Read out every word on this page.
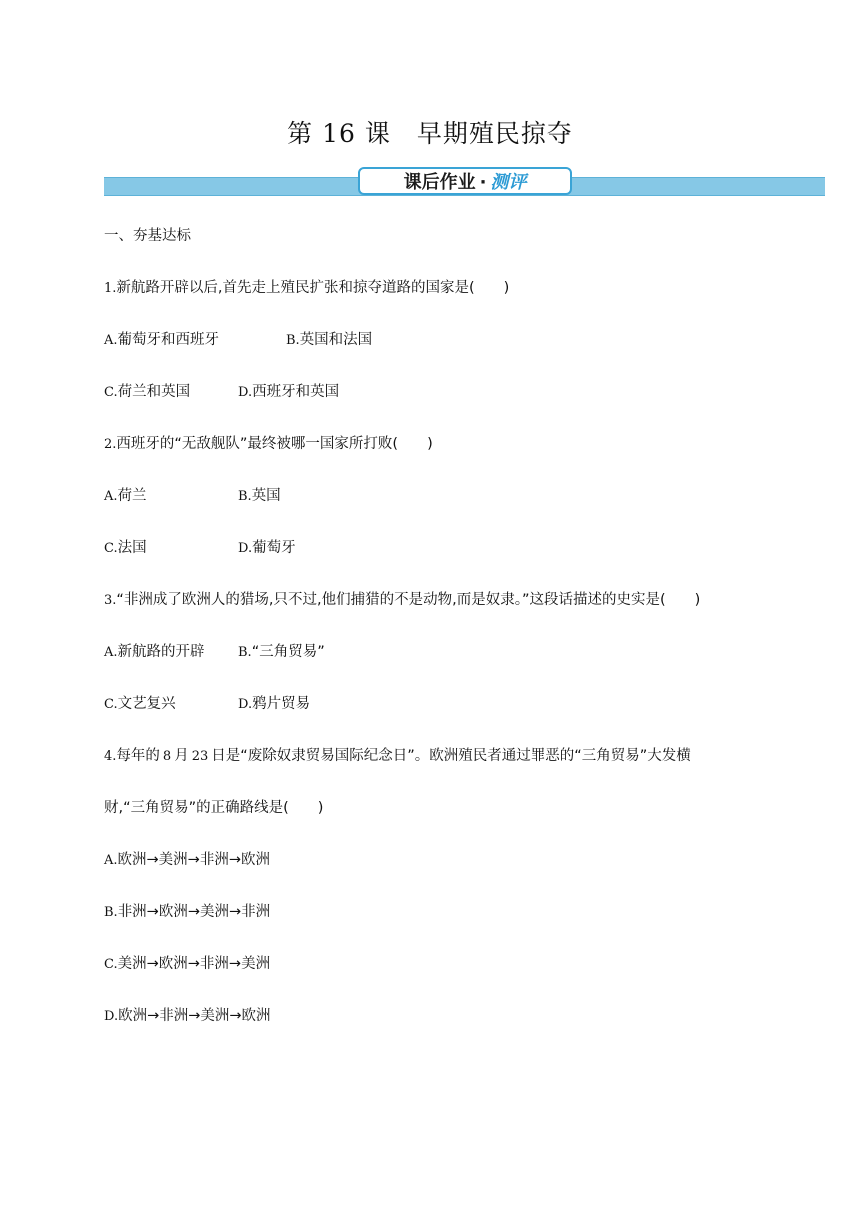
第 16 课　早期殖民掠夺
课后作业 · 测评
一、夯基达标
1.新航路开辟以后,首先走上殖民扩张和掠夺道路的国家是(　　)
A.葡萄牙和西班牙	B.英国和法国
C.荷兰和英国	D.西班牙和英国
2.西班牙的“无敌舰队”最终被哪一国家所打败(　　)
A.荷兰	B.英国
C.法国	D.葡萄牙
3.“非洲成了欧洲人的猎场,只不过,他们捕猎的不是动物,而是奴隶。”这段话描述的史实是(　　)
A.新航路的开辟	B.“三角贸易”
C.文艺复兴	D.鸦片贸易
4.每年的 8 月 23 日是“废除奴隶贸易国际纪念日”。欧洲殖民者通过罪恶的“三角贸易”大发横
财,“三角贸易”的正确路线是(　　)
A.欧洲→美洲→非洲→欧洲
B.非洲→欧洲→美洲→非洲
C.美洲→欧洲→非洲→美洲
D.欧洲→非洲→美洲→欧洲
